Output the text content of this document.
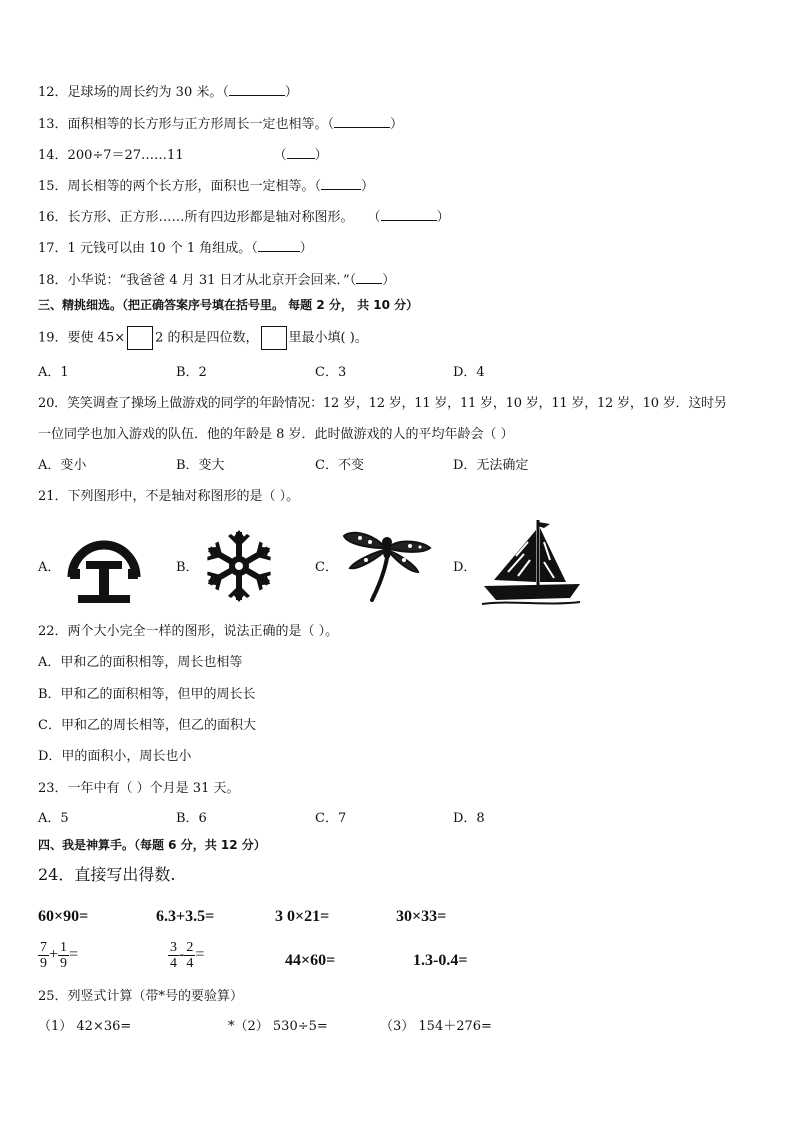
12．足球场的周长约为 30 米。（	）
13．面积相等的长方形与正方形周长一定也相等。（	）
14．200÷7＝27……11	（ ）
15．周长相等的两个长方形，面积也一定相等。（	）
16．长方形、正方形……所有四边形都是轴对称图形。 （	）
17．1 元钱可以由 10 个 1 角组成。（	）
18．小华说：“我爸爸 4 月 31 日才从北京开会回来．”（ ）
三、精挑细选。（把正确答案序号填在括号里。 每题 2 分， 共 10 分）
19．要使 45× 2 的积是四位数， 里最小填( )。
A．1	B．2	C．3	D．4
20．笑笑调查了操场上做游戏的同学的年龄情况：12 岁，12 岁，11 岁，11 岁，10 岁，11 岁，12 岁，10 岁．这时另
一位同学也加入游戏的队伍．他的年龄是 8 岁．此时做游戏的人的平均年龄会（ ）
A．变小	B．变大	C．不变	D．无法确定
21．下列图形中，不是轴对称图形的是（ ）。
A．	B．	C．	D．
22．两个大小完全一样的图形，说法正确的是（ ）。
A．甲和乙的面积相等，周长也相等
B．甲和乙的面积相等，但甲的周长长
C．甲和乙的周长相等，但乙的面积大
D．甲的面积小，周长也小
23．一年中有（ ）个月是 31 天。
A．5	B．6	C．7	D．8
四、我是神算手。（每题 6 分，共 12 分）
24．直接写出得数.
60×90=	6.3+3.5=	3 0×21=	30×33=
$\frac{7}{9} + \frac{1}{9}$ =	$\frac{3}{4} - \frac{2}{4}$ =	44×60=	1.3-0.4=
25．列竖式计算（带*号的要验算）
（1） 42×36=	*（2） 530÷5=	（3） 154＋276=
